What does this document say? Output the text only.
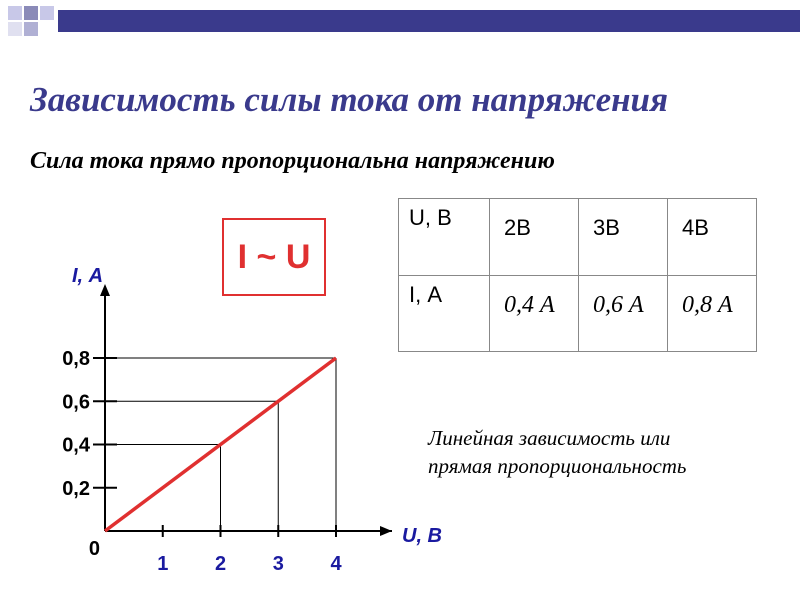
Зависимость силы тока от напряжения
Сила тока прямо пропорциональна напряжению
I ~ U
U, В	2В	3В	4В

I, А	0,4 А	0,6 А	0,8 А
Линейная зависимость или
прямая пропорциональность
1 2 3 4
0,2
0,4
0,6
0,8
0
I, А
U, В
